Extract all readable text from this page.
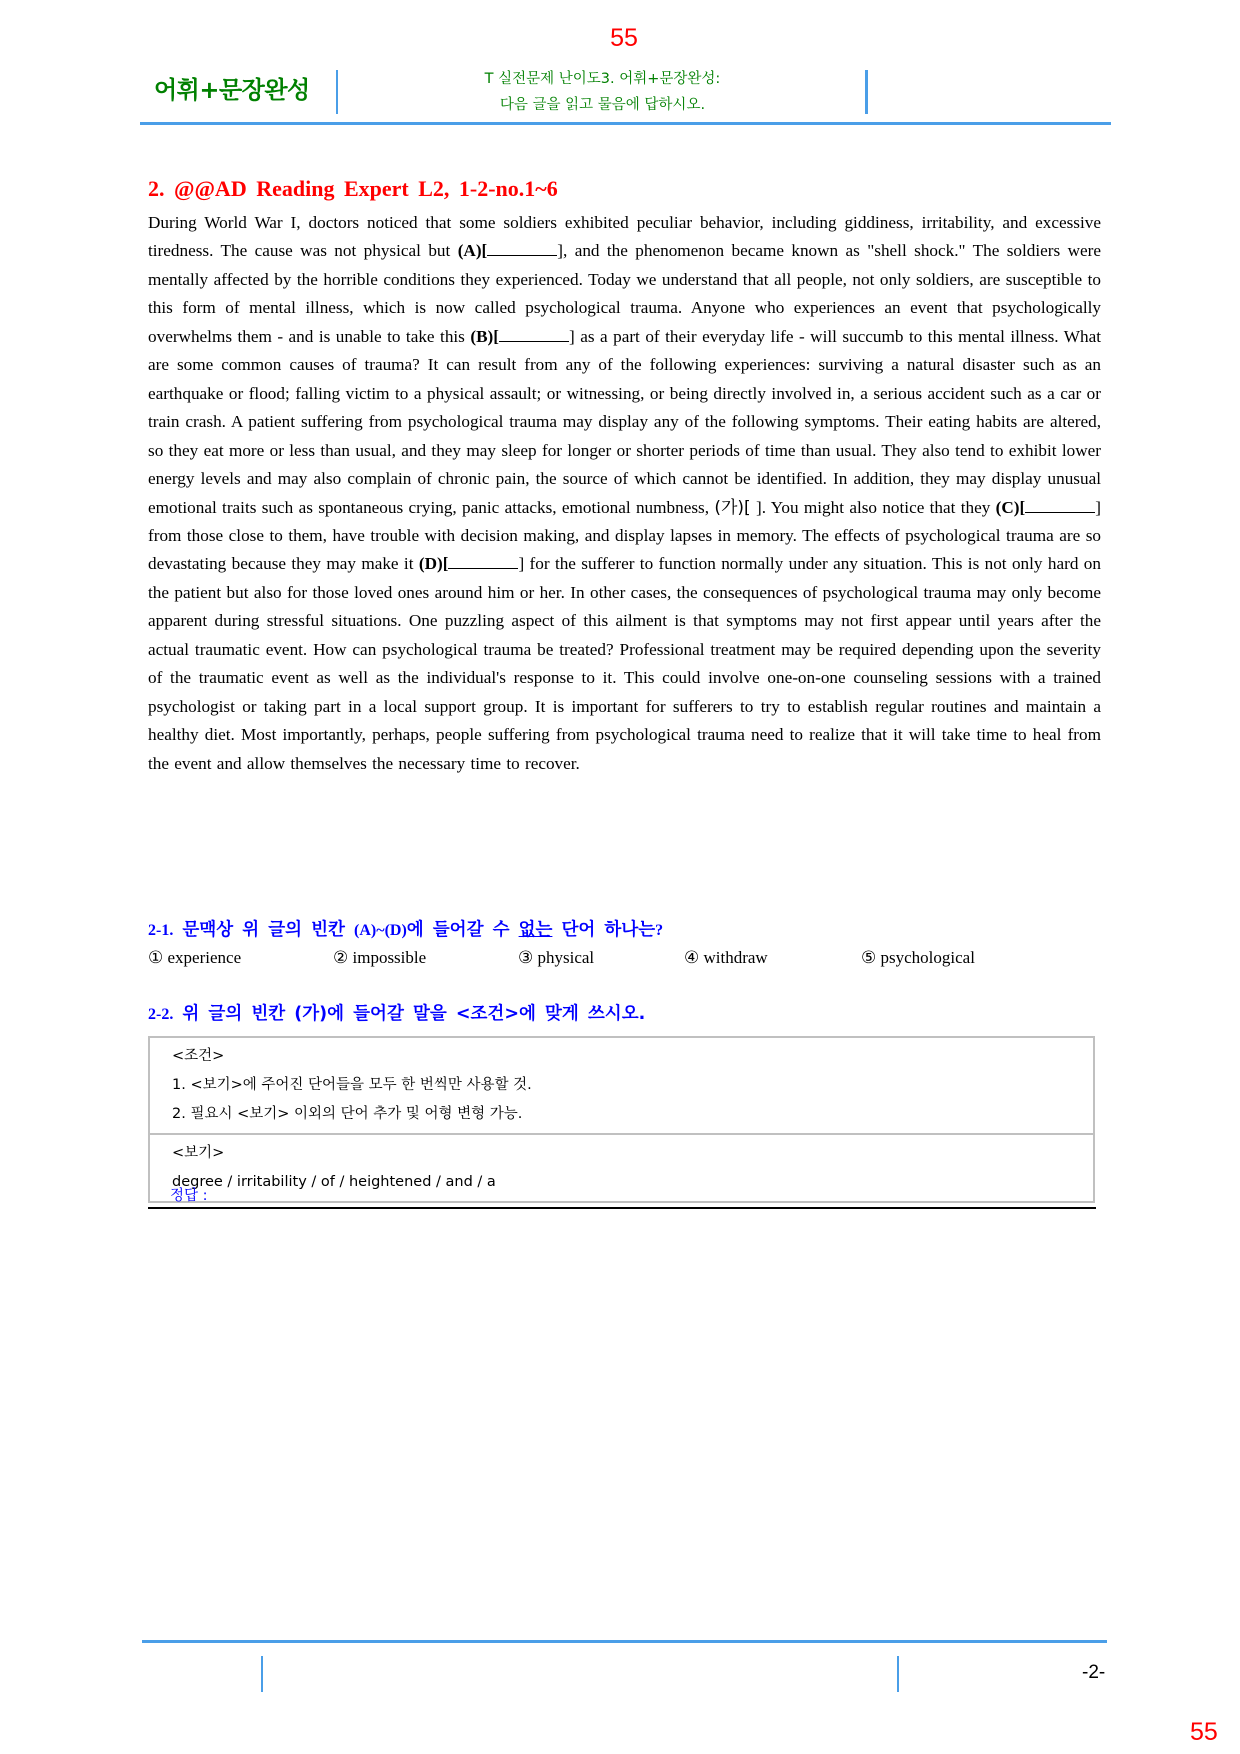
55
어휘+문장완성	T 실전문제 난이도3. 어휘+문장완성:
다음 글을 읽고 물음에 답하시오.
2. @@AD Reading Expert L2, 1-2-no.1~6
During World War I, doctors noticed that some soldiers exhibited peculiar behavior, including giddiness, irritability, and excessive tiredness. The cause was not physical but (A)[	], and the phenomenon became known as "shell shock." The soldiers were mentally affected by the horrible conditions they experienced. Today we understand that all people, not only soldiers, are susceptible to this form of mental illness, which is now called psychological trauma. Anyone who experiences an event that psychologically overwhelms them - and is unable to take this (B)[	] as a part of their everyday life - will succumb to this mental illness. What are some common causes of trauma? It can result from any of the following experiences: surviving a natural disaster such as an earthquake or flood; falling victim to a physical assault; or witnessing, or being directly involved in, a serious accident such as a car or train crash. A patient suffering from psychological trauma may display any of the following symptoms. Their eating habits are altered, so they eat more or less than usual, and they may sleep for longer or shorter periods of time than usual. They also tend to exhibit lower energy levels and may also complain of chronic pain, the source of which cannot be identified. In addition, they may display unusual emotional traits such as spontaneous crying, panic attacks, emotional numbness, (가)[ ]. You might also notice that they (C)[	] from those close to them, have trouble with decision making, and display lapses in memory. The effects of psychological trauma are so devastating because they may make it (D)[	] for the sufferer to function normally under any situation. This is not only hard on the patient but also for those loved ones around him or her. In other cases, the consequences of psychological trauma may only become apparent during stressful situations. One puzzling aspect of this ailment is that symptoms may not first appear until years after the actual traumatic event. How can psychological trauma be treated? Professional treatment may be required depending upon the severity of the traumatic event as well as the individual's response to it. This could involve one-on-one counseling sessions with a trained psychologist or taking part in a local support group. It is important for sufferers to try to establish regular routines and maintain a healthy diet. Most importantly, perhaps, people suffering from psychological trauma need to realize that it will take time to heal from the event and allow themselves the necessary time to recover.
2-1. 문맥상 위 글의 빈칸 (A)~(D)에 들어갈 수 없는 단어 하나는?
① experience	② impossible	③ physical	④ withdraw	⑤ psychological
2-2. 위 글의 빈칸 (가)에 들어갈 말을 <조건>에 맞게 쓰시오.
<조건>
1. <보기>에 주어진 단어들을 모두 한 번씩만 사용할 것.
2. 필요시 <보기> 이외의 단어 추가 및 어형 변형 가능.
<보기>
degree / irritability / of / heightened / and / a
정답 :
-2-
55
